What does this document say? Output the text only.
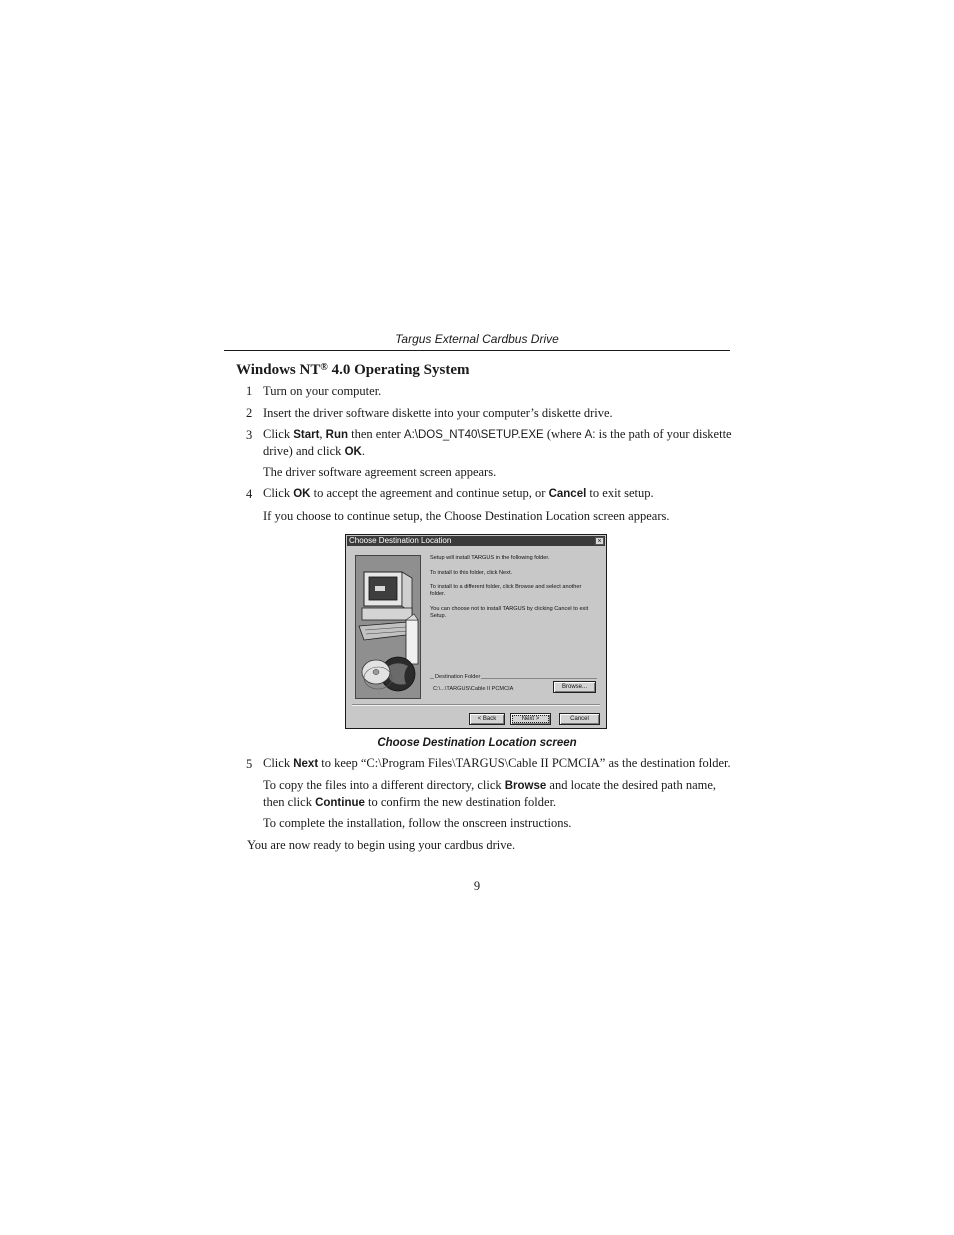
Targus External Cardbus Drive
Windows NT® 4.0 Operating System
1 Turn on your computer.
2 Insert the driver software diskette into your computer’s diskette drive.
3 Click Start, Run then enter A:\DOS_NT40\SETUP.EXE (where A: is the path of your diskette drive) and click OK.
The driver software agreement screen appears.
4 Click OK to accept the agreement and continue setup, or Cancel to exit setup.
If you choose to continue setup, the Choose Destination Location screen appears.
Choose Destination Location	×
Setup will install TARGUS in the following folder.
To install to this folder, click Next.
To install to a different folder, click Browse and select another folder.
You can choose not to install TARGUS by clicking Cancel to exit Setup.
Destination Folder
C:\...\TARGUS\Cable II PCMCIA	Browse...
< Back	Next >	Cancel
Choose Destination Location screen
5 Click Next to keep “C:\Program Files\TARGUS\Cable II PCMCIA” as the destination folder.
To copy the files into a different directory, click Browse and locate the desired path name, then click Continue to confirm the new destination folder.
To complete the installation, follow the onscreen instructions.
You are now ready to begin using your cardbus drive.
9
